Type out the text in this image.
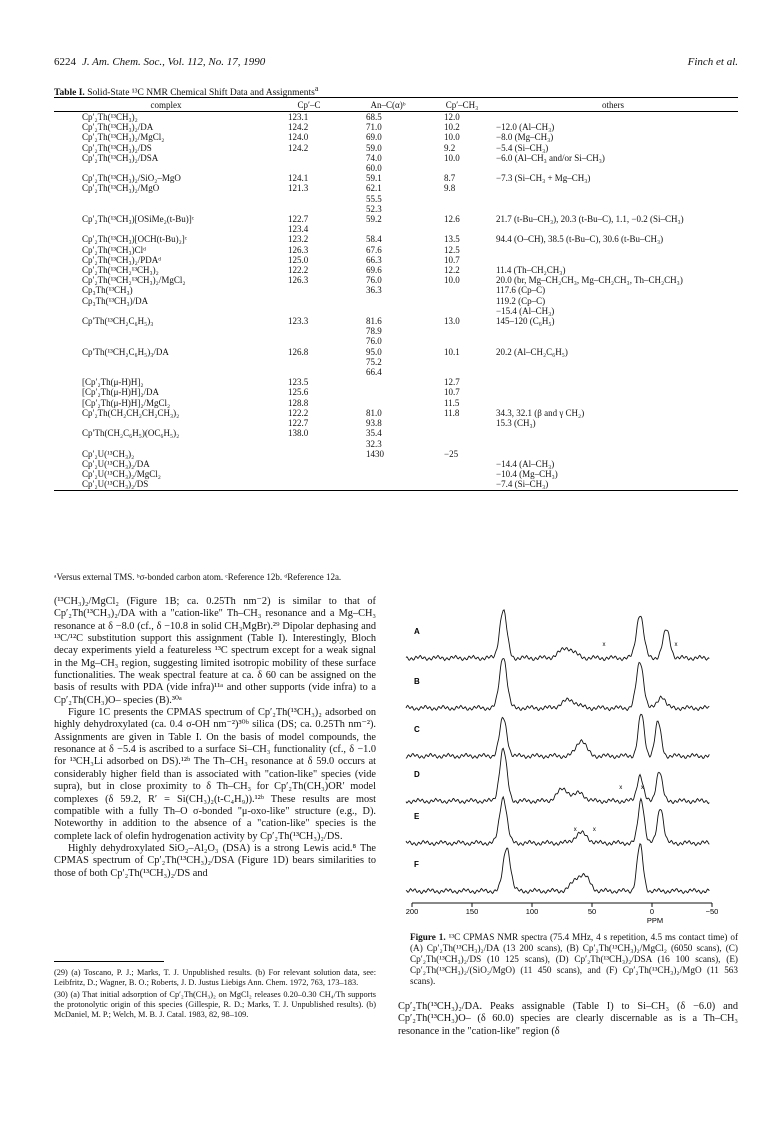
6224 J. Am. Chem. Soc., Vol. 112, No. 17, 1990	Finch et al.
Table I. Solid-State ¹³C NMR Chemical Shift Data and Assignments$^a$
complex	Cp′–C	An–C(α)ᵇ	Cp′–CH₃	others
Cp′₂Th(¹³CH₃)₂	123.1	68.5	12.0	
Cp′₂Th(¹³CH₃)₂/DA	124.2	71.0	10.2	−12.0 (Al–CH₃)
Cp′₂Th(¹³CH₃)₂/MgCl₂	124.0	69.0	10.0	−8.0 (Mg–CH₃)
Cp′₂Th(¹³CH₃)₂/DS	124.2	59.0	9.2	−5.4 (Si–CH₃)
Cp′₂Th(¹³CH₃)₂/DSA		74.0	10.0	−6.0 (Al–CH₃ and/or Si–CH₃)
		60.0		
Cp′₂Th(¹³CH₃)₂/SiO₂–MgO	124.1	59.1	8.7	−7.3 (Si–CH₃ + Mg–CH₃)
Cp′₂Th(¹³CH₃)₂/MgO	121.3	62.1	9.8	
		55.5		
		52.3		
Cp′₂Th(¹³CH₃)[OSiMe₂(t-Bu)]ᶜ	122.7	59.2	12.6	21.7 (t-Bu–CH₃), 20.3 (t-Bu–C), 1.1, −0.2 (Si–CH₃)
	123.4			
Cp′₂Th(¹³CH₃)[OCH(t-Bu)₂]ᶜ	123.2	58.4	13.5	94.4 (O–CH), 38.5 (t-Bu–C), 30.6 (t-Bu–CH₃)
Cp′₂Th(¹³CH₃)Clᵈ	126.3	67.6	12.5	
Cp′₂Th(¹³CH₃)₂/PDAᵈ	125.0	66.3	10.7	
Cp′₂Th(¹³CH₂¹³CH₃)₂	122.2	69.6	12.2	11.4 (Th–CH₂CH₃)
Cp′₂Th(¹³CH₂¹³CH₃)₂/MgCl₂	126.3	76.0	10.0	20.0 (br, Mg–CH₂CH₃, Mg–CH₂CH₃, Th–CH₂CH₃)
Cp₃Th(¹³CH₃)		36.3		117.6 (Cp–C)
Cp₃Th(¹³CH₃)/DA				119.2 (Cp–C)
				−15.4 (Al–CH₃)
Cp′Th(¹³CH₂C₆H₅)₃	123.3	81.6	13.0	145–120 (C₆H₅)
		78.9		
		76.0		
Cp′Th(¹³CH₂C₆H₅)₃/DA	126.8	95.0	10.1	20.2 (Al–CH₂C₆H₅)
		75.2		
		66.4		
[Cp′₂Th(μ-H)H]₂	123.5		12.7	
[Cp′₂Th(μ-H)H]₂/DA	125.6		10.7	
[Cp′₂Th(μ-H)H]₂/MgCl₂	128.8		11.5	
Cp′₂Th(CH₂CH₂CH₂CH₃)₂	122.2	81.0	11.8	34.3, 32.1 (β and γ CH₂)
	122.7	93.8		15.3 (CH₃)
Cp′Th(CH₂C₆H₅)(OC₆H₅)₂	138.0	35.4		
		32.3		
Cp′₂U(¹³CH₃)₂		1430	−25	
Cp′₂U(¹³CH₃)₂/DA				−14.4 (Al–CH₃)
Cp′₂U(¹³CH₃)₂/MgCl₂				−10.4 (Mg–CH₃)
Cp′₂U(¹³CH₃)₂/DS				−7.4 (Si–CH₃)
ᵃVersus external TMS. ᵇσ-bonded carbon atom. ᶜReference 12b. ᵈReference 12a.

(¹³CH₃)₂/MgCl₂ (Figure 1B; ca. 0.25Th nm⁻2) is similar to that of Cp′₂Th(¹³CH₃)₂/DA with a "cation-like" Th–CH₃ resonance and a Mg–CH₃ resonance at δ −8.0 (cf., δ −10.8 in solid CH₃MgBr).²⁹ Dipolar dephasing and ¹³C/¹²C substitution support this assignment (Table I). Interestingly, Bloch decay experiments yield a featureless ¹³C spectrum except for a weak signal in the Mg–CH₃ region, suggesting limited isotropic mobility of these surface functionalities. The weak spectral feature at ca. δ 60 can be assigned on the basis of results with PDA (vide infra)¹¹ᵃ and other supports (vide infra) to a Cp′₂Th(CH₃)O– species (B).³⁰ᵃ

Figure 1C presents the CPMAS spectrum of Cp′₂Th(¹³CH₃)₂ adsorbed on highly dehydroxylated (ca. 0.4 σ-OH nm⁻²)³⁰ᵇ silica (DS; ca. 0.25Th nm⁻²). Assignments are given in Table I. On the basis of model compounds, the resonance at δ −5.4 is ascribed to a surface Si–CH₃ functionality (cf., δ −1.0 for ¹³CH₃Li adsorbed on DS).¹²ᵇ The Th–CH₃ resonance at δ 59.0 occurs at considerably higher field than is associated with "cation-like" species (vide supra), but in close proximity to δ Th–CH₃ for Cp′₂Th(CH₃)OR′ model complexes (δ 59.2, R′ = Si(CH₃)₂(t-C₄H₉)).¹²ᵇ These results are most compatible with a fully Th–O σ-bonded "μ-oxo-like" structure (e.g., D). Noteworthy in addition to the absence of a "cation-like" species is the complete lack of olefin hydrogenation activity by Cp′₂Th(¹³CH₃)₂/DS.

Highly dehydroxylated SiO₂–Al₂O₃ (DSA) is a strong Lewis acid.⁸ The CPMAS spectrum of Cp′₂Th(¹³CH₃)₂/DSA (Figure 1D) bears similarities to those of both Cp′₂Th(¹³CH₃)₂/DS and

(29) (a) Toscano, P. J.; Marks, T. J. Unpublished results. (b) For relevant solution data, see: Leibfritz, D.; Wagner, B. O.; Roberts, J. D. Justus Liebigs Ann. Chem. 1972, 763, 173–183.

(30) (a) That initial adsorption of Cp′₂Th(CH₃)₂ on MgCl₂ releases 0.20–0.30 CH₄/Th supports the protonolytic origin of this species (Gillespie, R. D.; Marks, T. J. Unpublished results). (b) McDaniel, M. P.; Welch, M. B. J. Catal. 1983, 82, 98–109.

A
x
x
B
C
D
x
x
E
x
x
F
200	150	100	50	0	−50
PPM
Figure 1. ¹³C CPMAS NMR spectra (75.4 MHz, 4 s repetition, 4.5 ms contact time) of (A) Cp′₂Th(¹³CH₃)₂/DA (13 200 scans), (B) Cp′₂Th(¹³CH₃)₂/MgCl₂ (6050 scans), (C) Cp′₂Th(¹³CH₃)₂/DS (10 125 scans), (D) Cp′₂Th(¹³CH₃)₂/DSA (16 100 scans), (E) Cp′₂Th(¹³CH₃)₂/(SiO₂/MgO) (11 450 scans), and (F) Cp′₂Th(¹³CH₃)₂/MgO (11 563 scans).
Cp′₂Th(¹³CH₃)₂/DA. Peaks assignable (Table I) to Si–CH₃ (δ −6.0) and Cp′₂Th(¹³CH₃)O– (δ 60.0) species are clearly discernable as is a Th–CH₃ resonance in the "cation-like" region (δ
